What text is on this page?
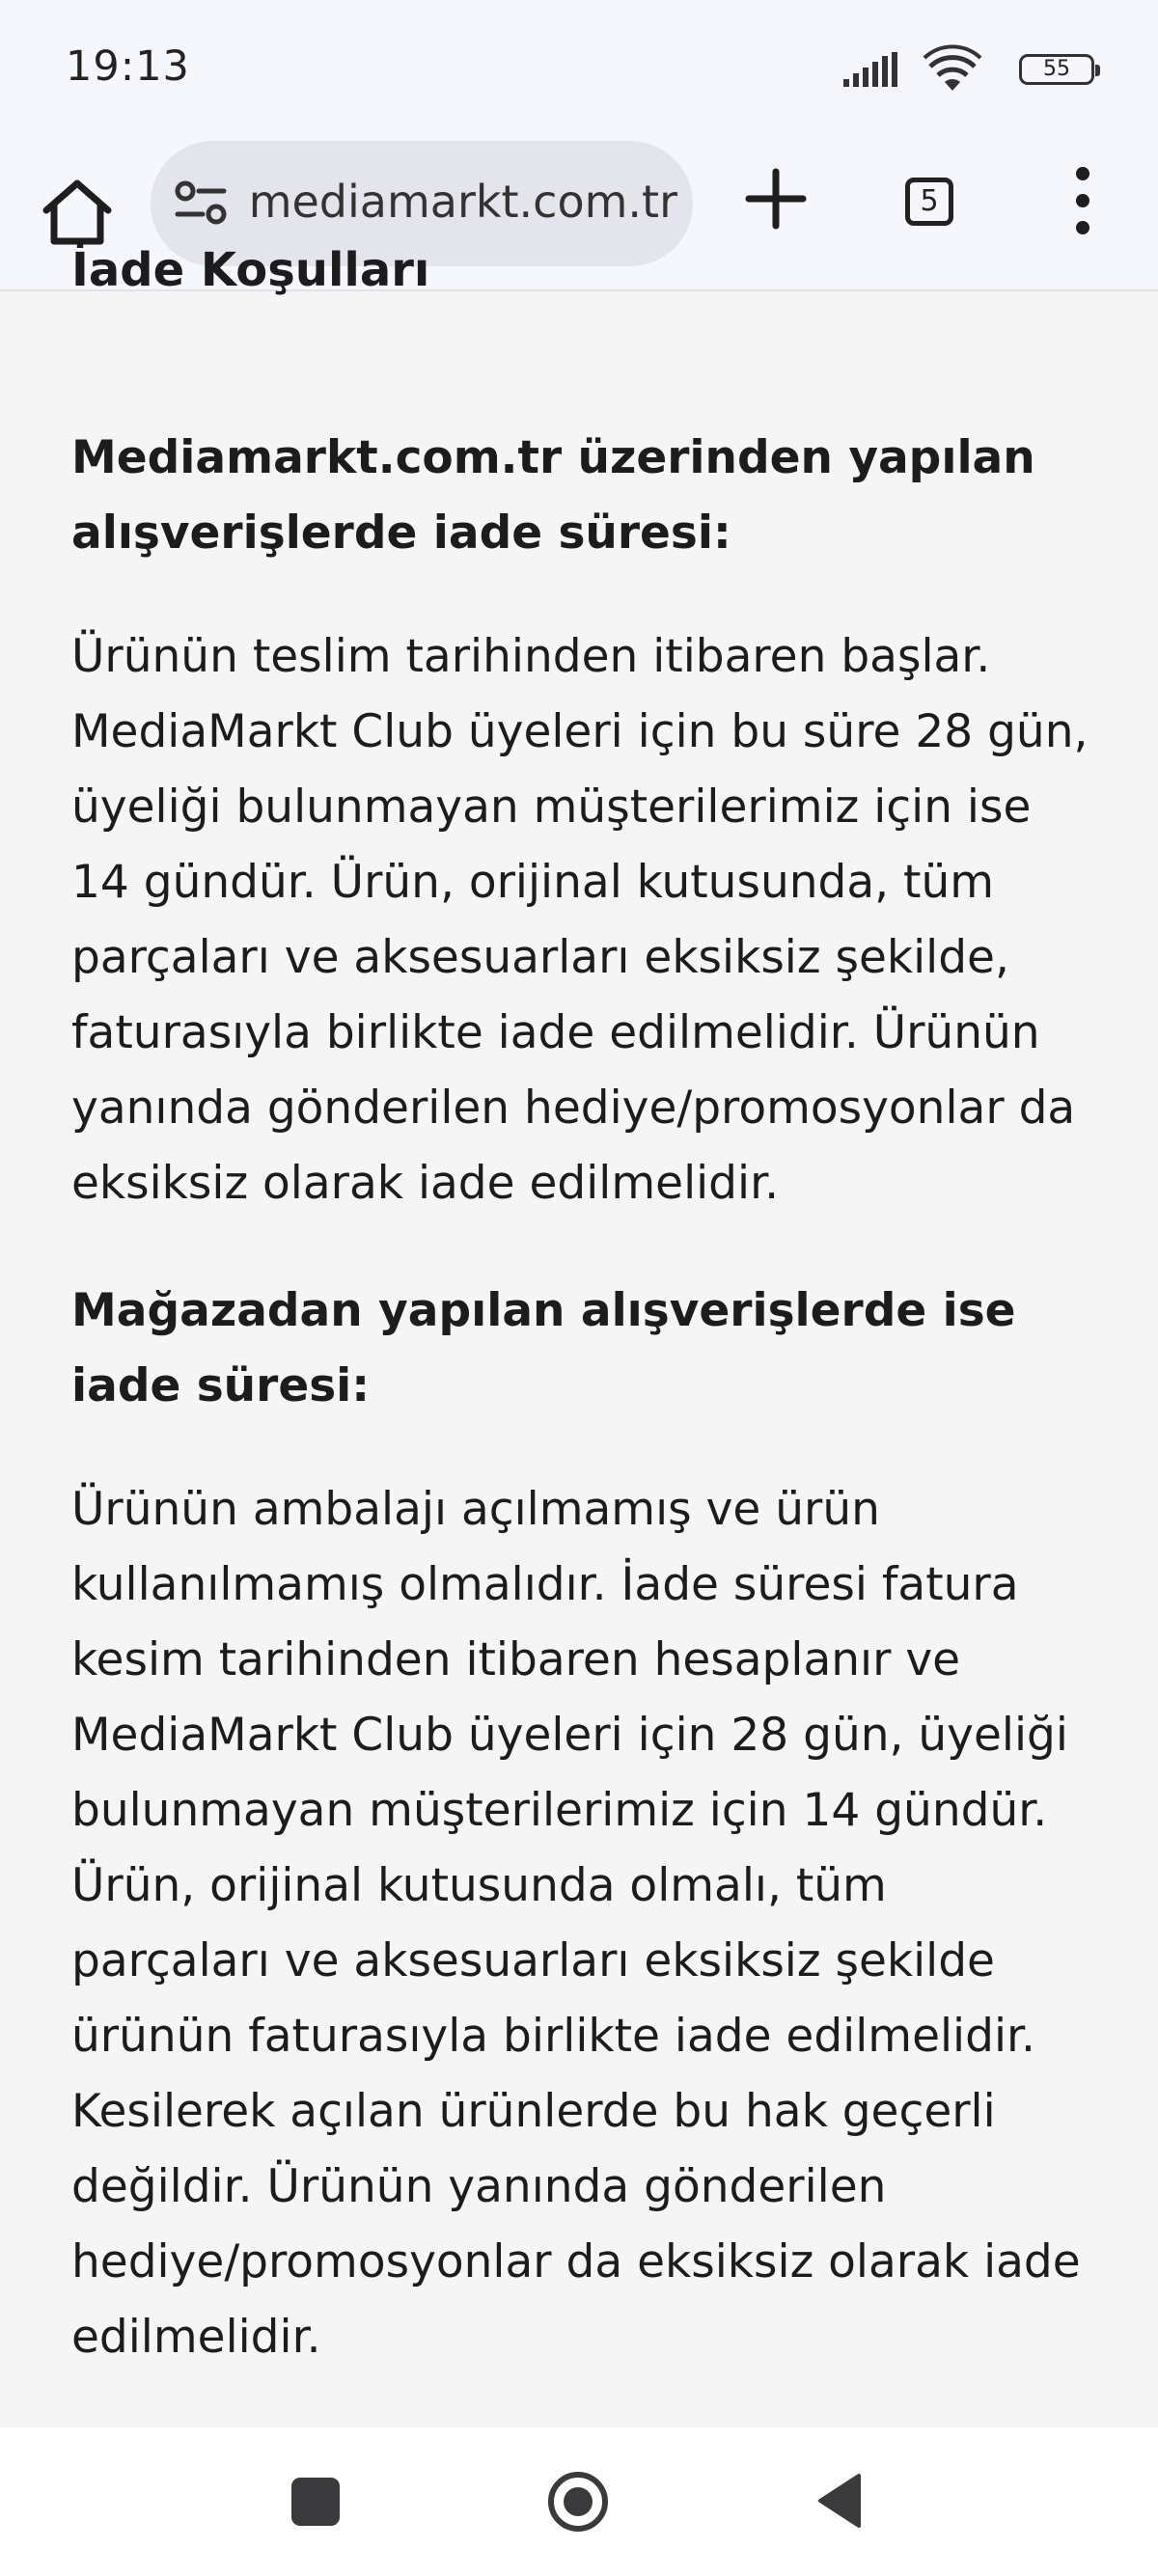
19:13	55
mediamarkt.com.tr	5
İade Koşulları

Mediamarkt.com.tr üzerinden yapılan alışverişlerde iade süresi:

Ürünün teslim tarihinden itibaren başlar. MediaMarkt Club üyeleri için bu süre 28 gün, üyeliği bulunmayan müşterilerimiz için ise 14 gündür. Ürün, orijinal kutusunda, tüm parçaları ve aksesuarları eksiksiz şekilde, faturasıyla birlikte iade edilmelidir. Ürünün yanında gönderilen hediye/promosyonlar da eksiksiz olarak iade edilmelidir.

Mağazadan yapılan alışverişlerde ise iade süresi:

Ürünün ambalajı açılmamış ve ürün kullanılmamış olmalıdır. İade süresi fatura kesim tarihinden itibaren hesaplanır ve MediaMarkt Club üyeleri için 28 gün, üyeliği bulunmayan müşterilerimiz için 14 gündür. Ürün, orijinal kutusunda olmalı, tüm parçaları ve aksesuarları eksiksiz şekilde ürünün faturasıyla birlikte iade edilmelidir. Kesilerek açılan ürünlerde bu hak geçerli değildir. Ürünün yanında gönderilen hediye/promosyonlar da eksiksiz olarak iade edilmelidir.
